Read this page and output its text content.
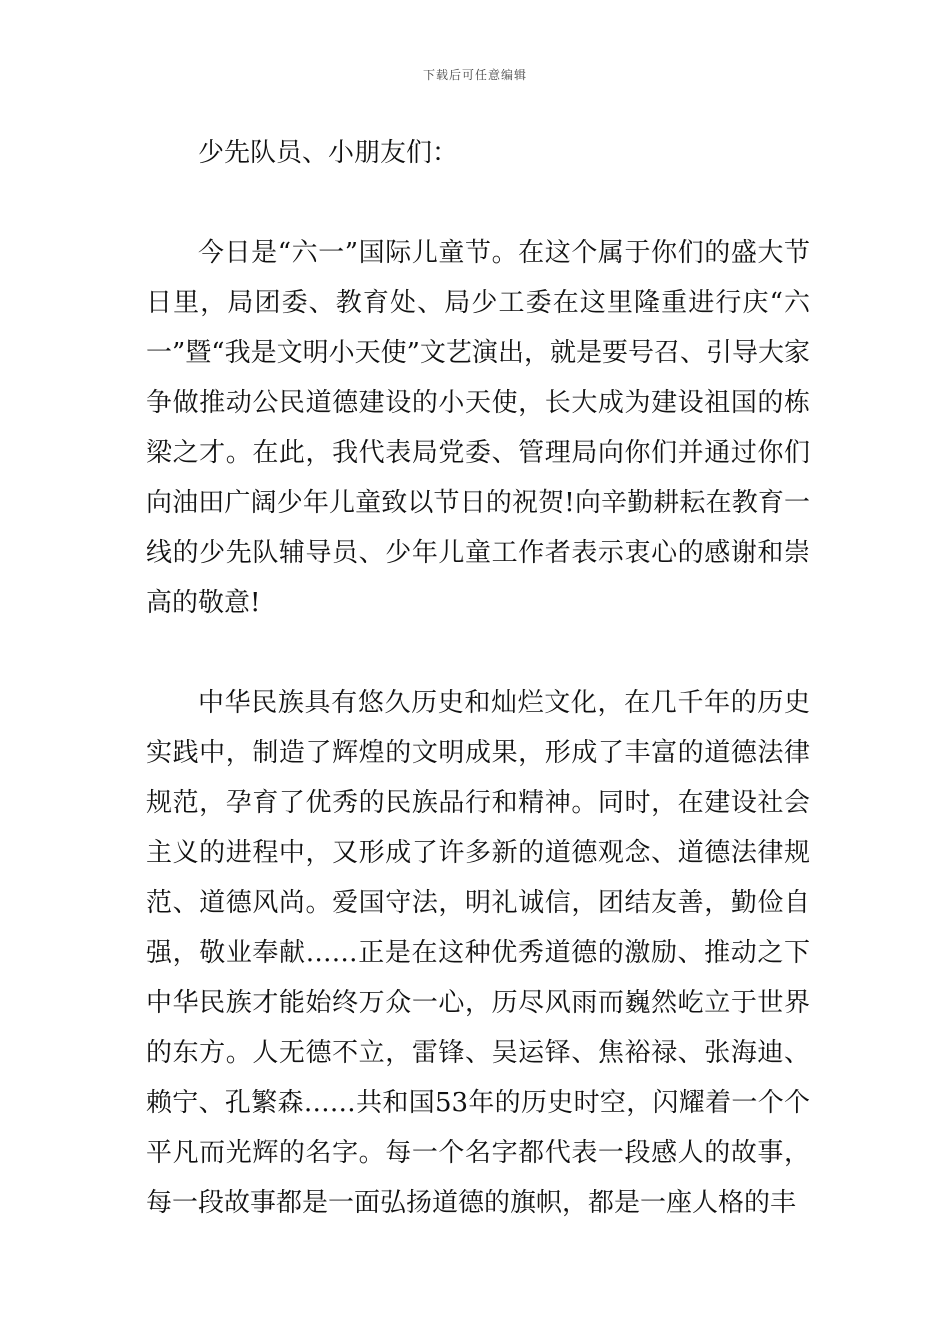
下载后可任意编辑

少先队员、小朋友们：

今日是“六一”国际儿童节。在这个属于你们的盛大节日里，局团委、教育处、局少工委在这里隆重进行庆“六一”暨“我是文明小天使”文艺演出，就是要号召、引导大家争做推动公民道德建设的小天使，长大成为建设祖国的栋梁之才。在此，我代表局党委、管理局向你们并通过你们向油田广阔少年儿童致以节日的祝贺!向辛勤耕耘在教育一线的少先队辅导员、少年儿童工作者表示衷心的感谢和崇高的敬意!

中华民族具有悠久历史和灿烂文化，在几千年的历史实践中，制造了辉煌的文明成果，形成了丰富的道德法律规范，孕育了优秀的民族品行和精神。同时，在建设社会主义的进程中，又形成了许多新的道德观念、道德法律规范、道德风尚。爱国守法，明礼诚信，团结友善，勤俭自强，敬业奉献……正是在这种优秀道德的激励、推动之下中华民族才能始终万众一心，历尽风雨而巍然屹立于世界的东方。人无德不立，雷锋、吴运铎、焦裕禄、张海迪、赖宁、孔繁森……共和国53年的历史时空，闪耀着一个个平凡而光辉的名字。每一个名字都代表一段感人的故事，每一段故事都是一面弘扬道德的旗帜，都是一座人格的丰
